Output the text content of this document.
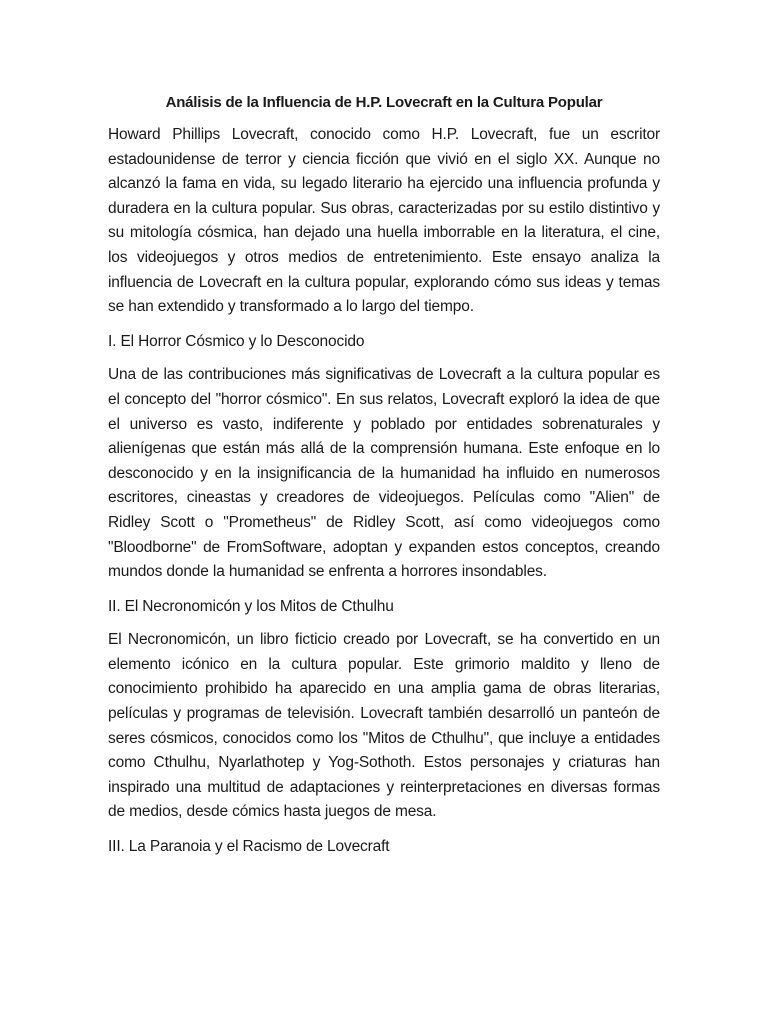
Análisis de la Influencia de H.P. Lovecraft en la Cultura Popular

Howard Phillips Lovecraft, conocido como H.P. Lovecraft, fue un escritor estadounidense de terror y ciencia ficción que vivió en el siglo XX. Aunque no alcanzó la fama en vida, su legado literario ha ejercido una influencia profunda y duradera en la cultura popular. Sus obras, caracterizadas por su estilo distintivo y su mitología cósmica, han dejado una huella imborrable en la literatura, el cine, los videojuegos y otros medios de entretenimiento. Este ensayo analiza la influencia de Lovecraft en la cultura popular, explorando cómo sus ideas y temas se han extendido y transformado a lo largo del tiempo.

I. El Horror Cósmico y lo Desconocido

Una de las contribuciones más significativas de Lovecraft a la cultura popular es el concepto del "horror cósmico". En sus relatos, Lovecraft exploró la idea de que el universo es vasto, indiferente y poblado por entidades sobrenaturales y alienígenas que están más allá de la comprensión humana. Este enfoque en lo desconocido y en la insignificancia de la humanidad ha influido en numerosos escritores, cineastas y creadores de videojuegos. Películas como "Alien" de Ridley Scott o "Prometheus" de Ridley Scott, así como videojuegos como "Bloodborne" de FromSoftware, adoptan y expanden estos conceptos, creando mundos donde la humanidad se enfrenta a horrores insondables.

II. El Necronomicón y los Mitos de Cthulhu

El Necronomicón, un libro ficticio creado por Lovecraft, se ha convertido en un elemento icónico en la cultura popular. Este grimorio maldito y lleno de conocimiento prohibido ha aparecido en una amplia gama de obras literarias, películas y programas de televisión. Lovecraft también desarrolló un panteón de seres cósmicos, conocidos como los "Mitos de Cthulhu", que incluye a entidades como Cthulhu, Nyarlathotep y Yog-Sothoth. Estos personajes y criaturas han inspirado una multitud de adaptaciones y reinterpretaciones en diversas formas de medios, desde cómics hasta juegos de mesa.

III. La Paranoia y el Racismo de Lovecraft
